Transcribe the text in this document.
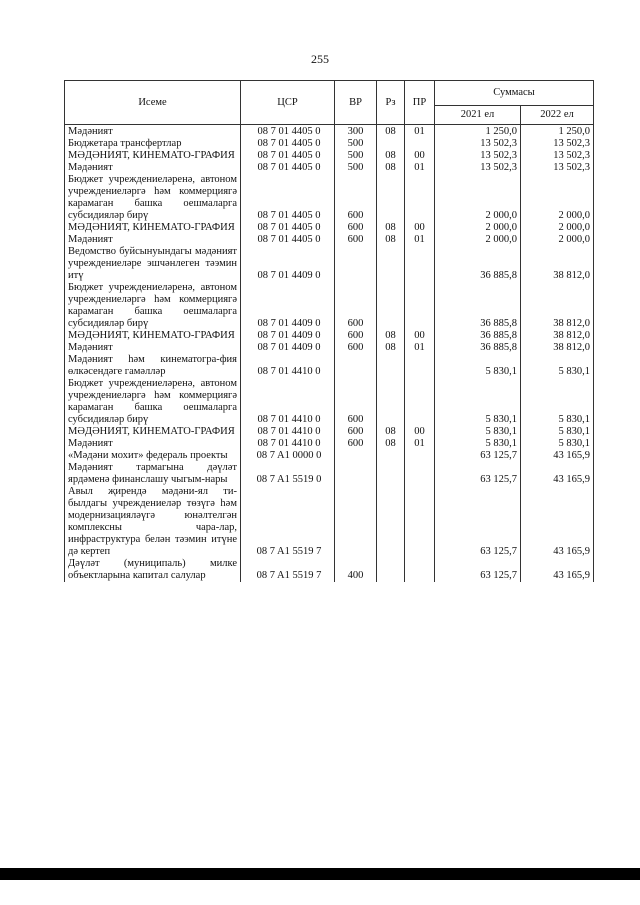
255
Исеме	ЦСР	ВР	Рз	ПР	Суммасы	
					2021 ел	2022 ел
Мәдәният	08 7 01 4405 0	300	08	01	1 250,0	1 250,0
Бюджетара трансфертлар	08 7 01 4405 0	500			13 502,3	13 502,3
МӘДӘНИЯТ, КИНЕМАТО-ГРАФИЯ	08 7 01 4405 0	500	08	00	13 502,3	13 502,3
Мәдәният	08 7 01 4405 0	500	08	01	13 502,3	13 502,3
Бюджет учреждениеләренә, автоном учреждениеләргә һәм коммерциягә карамаган башка оешмаларга субсидияләр бирү	08 7 01 4405 0	600			2 000,0	2 000,0
МӘДӘНИЯТ, КИНЕМАТО-ГРАФИЯ	08 7 01 4405 0	600	08	00	2 000,0	2 000,0
Мәдәният	08 7 01 4405 0	600	08	01	2 000,0	2 000,0
Ведомство буйсынуындагы мәдәният учреждениеләре эшчәнлеген тәэмин итү	08 7 01 4409 0				36 885,8	38 812,0
Бюджет учреждениеләренә, автоном учреждениеләргә һәм коммерциягә карамаган башка оешмаларга субсидияләр бирү	08 7 01 4409 0	600			36 885,8	38 812,0
МӘДӘНИЯТ, КИНЕМАТО-ГРАФИЯ	08 7 01 4409 0	600	08	00	36 885,8	38 812,0
Мәдәният	08 7 01 4409 0	600	08	01	36 885,8	38 812,0
Мәдәният һәм кинематогра-фия өлкәсендәге гамәлләр	08 7 01 4410 0				5 830,1	5 830,1
Бюджет учреждениеләренә, автоном учреждениеләргә һәм коммерциягә карамаган башка оешмаларга субсидияләр бирү	08 7 01 4410 0	600			5 830,1	5 830,1
МӘДӘНИЯТ, КИНЕМАТО-ГРАФИЯ	08 7 01 4410 0	600	08	00	5 830,1	5 830,1
Мәдәният	08 7 01 4410 0	600	08	01	5 830,1	5 830,1
«Мәдәни мохит» федераль проекты	08 7 A1 0000 0				63 125,7	43 165,9
Мәдәният тармагына дәүләт ярдәменә финанслашу чыгым-нары	08 7 A1 5519 0				63 125,7	43 165,9
Авыл җирендә мәдәни-ял ти-былдагы учреждениеләр төзүгә һәм модернизацияләүгә юнәлтелгән комплексны чара-лар, инфраструктура белән тәэмин итүне дә кертеп	08 7 A1 5519 7				63 125,7	43 165,9
Дәүләт (муниципаль) милке объектларына капитал салулар	08 7 A1 5519 7	400			63 125,7	43 165,9
